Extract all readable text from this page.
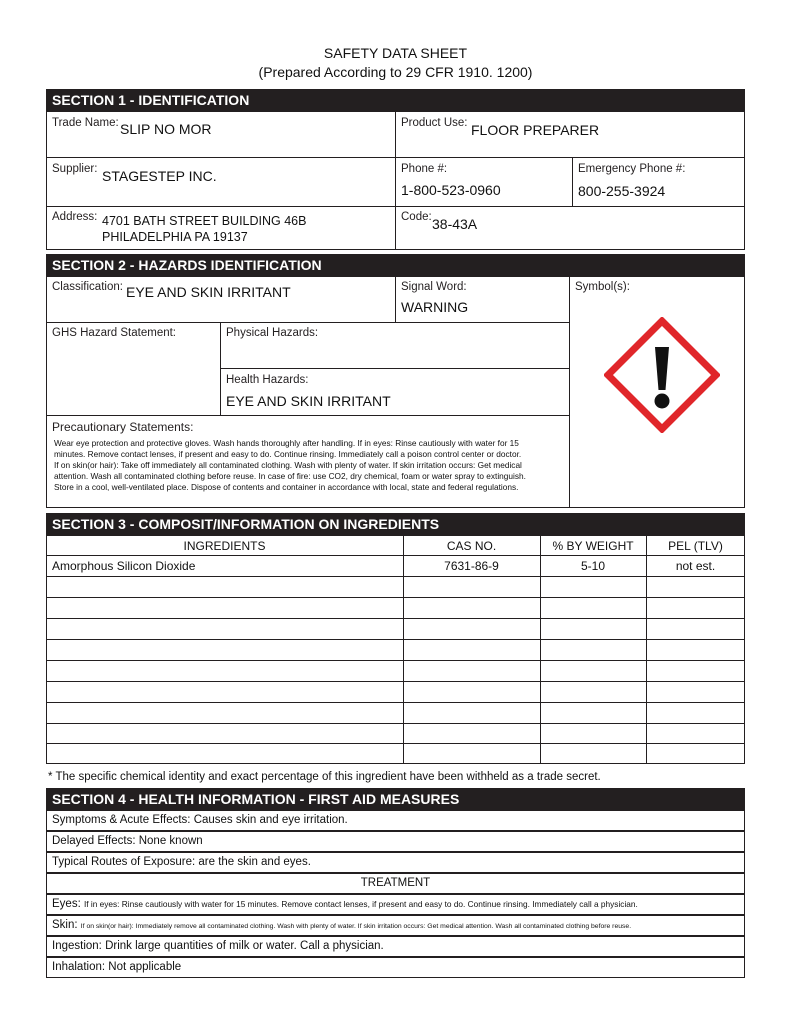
SAFETY DATA SHEET
(Prepared According to 29 CFR 1910. 1200)
SECTION 1 - IDENTIFICATION
Trade Name: SLIP NO MOR	Product Use: FLOOR PREPARER
Supplier: STAGESTEP INC.	Phone #:
1-800-523-0960
Emergency Phone #:
800-255-3924
Address: 4701 BATH STREET BUILDING 46B
PHILADELPHIA PA 19137
Code: 38-43A
SECTION 2 - HAZARDS IDENTIFICATION
Classification: EYE AND SKIN IRRITANT	Signal Word:
WARNING
Symbol(s):
GHS Hazard Statement:	Physical Hazards:
Health Hazards:
EYE AND SKIN IRRITANT
Precautionary Statements:
Wear eye protection and protective gloves. Wash hands thoroughly after handling. If in eyes: Rinse cautiously with water for 15
minutes. Remove contact lenses, if present and easy to do. Continue rinsing. Immediately call a poison control center or doctor.
If on skin(or hair): Take off immediately all contaminated clothing. Wash with plenty of water. If skin irritation occurs: Get medical
attention. Wash all contaminated clothing before reuse. In case of fire: use CO2, dry chemical, foam or water spray to extinguish.
Store in a cool, well-ventilated place. Dispose of contents and container in accordance with local, state and federal regulations.
SECTION 3 - COMPOSIT/INFORMATION ON INGREDIENTS
INGREDIENTS	CAS NO.	% BY WEIGHT	PEL (TLV)
Amorphous Silicon Dioxide	7631-86-9	5-10	not est.
* The specific chemical identity and exact percentage of this ingredient have been withheld as a trade secret.
SECTION 4 - HEALTH INFORMATION - FIRST AID MEASURES
Symptoms & Acute Effects: Causes skin and eye irritation.
Delayed Effects: None known
Typical Routes of Exposure: are the skin and eyes.
TREATMENT
Eyes: If in eyes: Rinse cautiously with water for 15 minutes. Remove contact lenses, if present and easy to do. Continue rinsing. Immediately call a physician.
Skin: If on skin(or hair): Immediately remove all contaminated clothing. Wash with plenty of water. If skin irritation occurs: Get medical attention. Wash all contaminated clothing before reuse.
Ingestion: Drink large quantities of milk or water. Call a physician.
Inhalation: Not applicable
